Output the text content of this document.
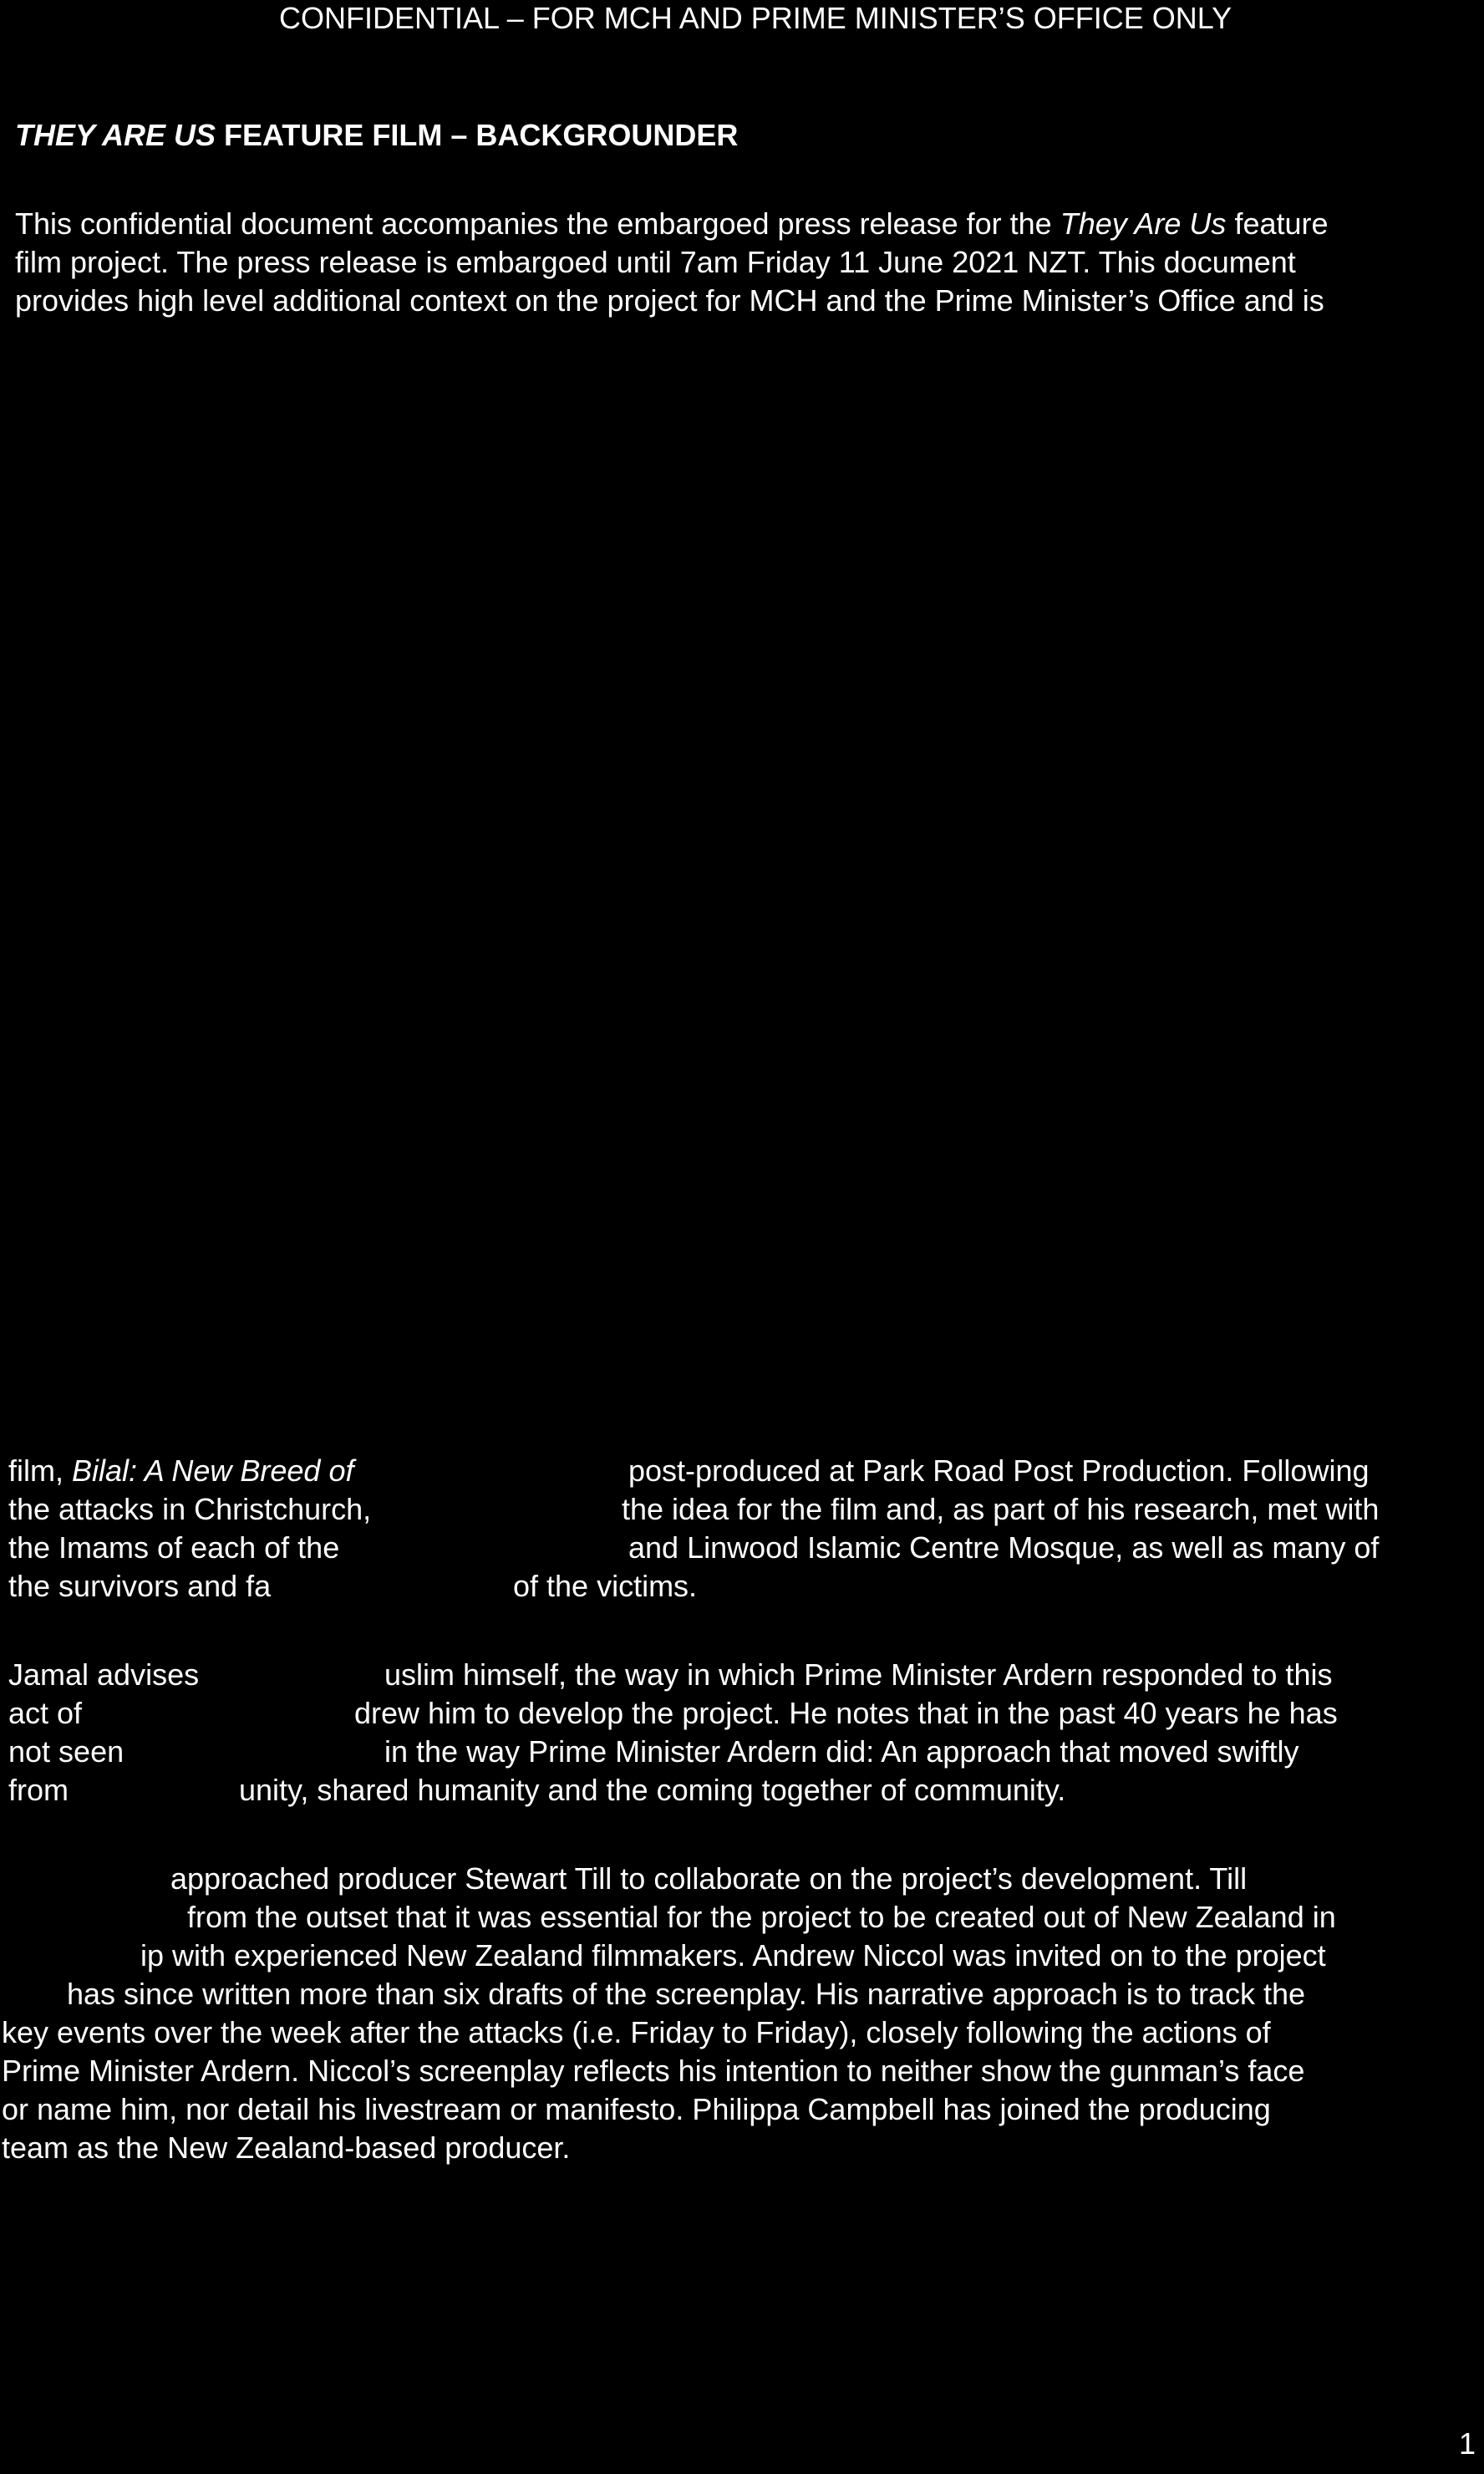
CONFIDENTIAL – FOR MCH AND PRIME MINISTER’S OFFICE ONLY
THEY ARE US FEATURE FILM – BACKGROUNDER
This confidential document accompanies the embargoed press release for the They Are Us feature
film project. The press release is embargoed until 7am Friday 11 June 2021 NZT. This document
provides high level additional context on the project for MCH and the Prime Minister’s Office and is
film, Bilal: A New Breed of	post-produced at Park Road Post Production. Following
the attacks in Christchurch,	the idea for the film and, as part of his research, met with
the Imams of each of the	and Linwood Islamic Centre Mosque, as well as many of
the survivors and fa	of the victims.
Jamal advises	uslim himself, the way in which Prime Minister Ardern responded to this
act of	drew him to develop the project. He notes that in the past 40 years he has
not seen	in the way Prime Minister Ardern did: An approach that moved swiftly
from	unity, shared humanity and the coming together of community.
approached producer Stewart Till to collaborate on the project’s development. Till
from the outset that it was essential for the project to be created out of New Zealand in
ip with experienced New Zealand filmmakers. Andrew Niccol was invited on to the project
has since written more than six drafts of the screenplay. His narrative approach is to track the
key events over the week after the attacks (i.e. Friday to Friday), closely following the actions of
Prime Minister Ardern. Niccol’s screenplay reflects his intention to neither show the gunman’s face
or name him, nor detail his livestream or manifesto. Philippa Campbell has joined the producing
team as the New Zealand-based producer.
1
